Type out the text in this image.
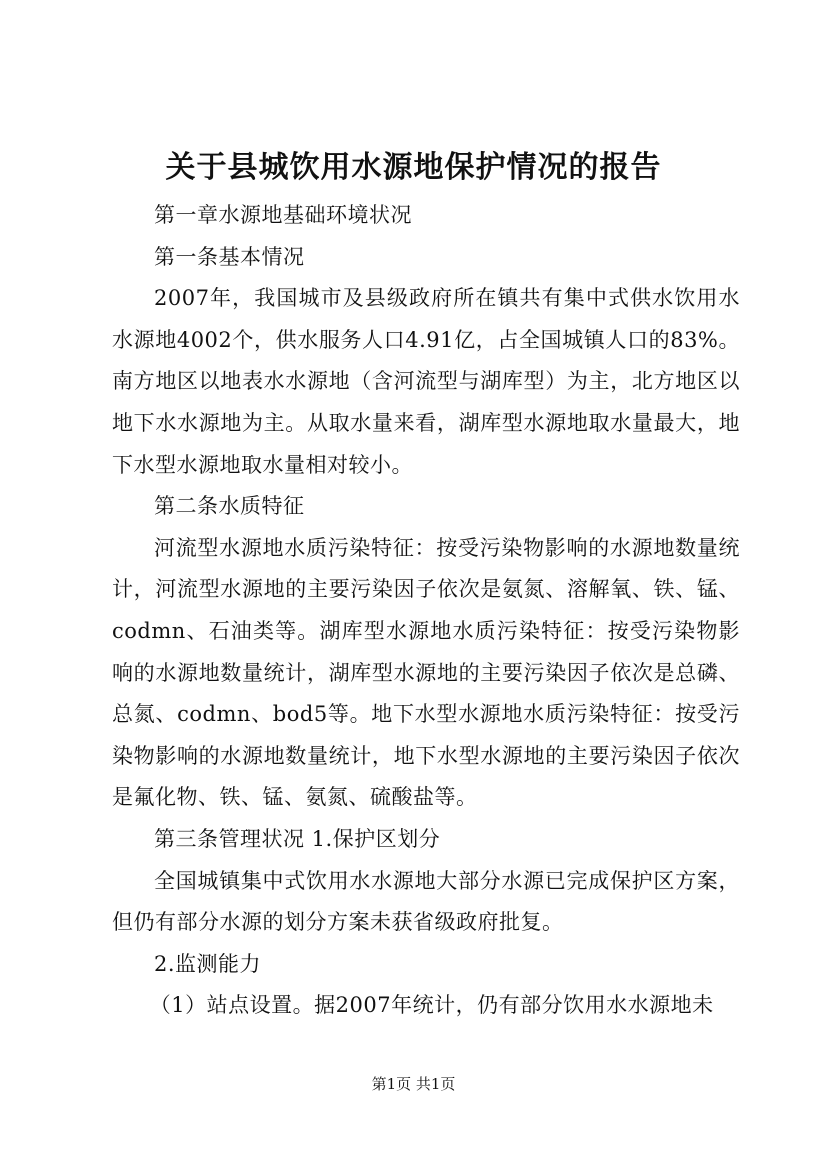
关于县城饮用水源地保护情况的报告

第一章水源地基础环境状况

第一条基本情况

2007年，我国城市及县级政府所在镇共有集中式供水饮用水水源地4002个，供水服务人口4.91亿，占全国城镇人口的83%。南方地区以地表水水源地（含河流型与湖库型）为主，北方地区以地下水水源地为主。从取水量来看，湖库型水源地取水量最大，地下水型水源地取水量相对较小。

第二条水质特征

河流型水源地水质污染特征：按受污染物影响的水源地数量统计，河流型水源地的主要污染因子依次是氨氮、溶解氧、铁、锰、codmn、石油类等。湖库型水源地水质污染特征：按受污染物影响的水源地数量统计，湖库型水源地的主要污染因子依次是总磷、总氮、codmn、bod5等。地下水型水源地水质污染特征：按受污染物影响的水源地数量统计，地下水型水源地的主要污染因子依次是氟化物、铁、锰、氨氮、硫酸盐等。

第三条管理状况 1.保护区划分

全国城镇集中式饮用水水源地大部分水源已完成保护区方案，但仍有部分水源的划分方案未获省级政府批复。

2.监测能力

（1）站点设置。据2007年统计，仍有部分饮用水水源地未

第1页 共1页
